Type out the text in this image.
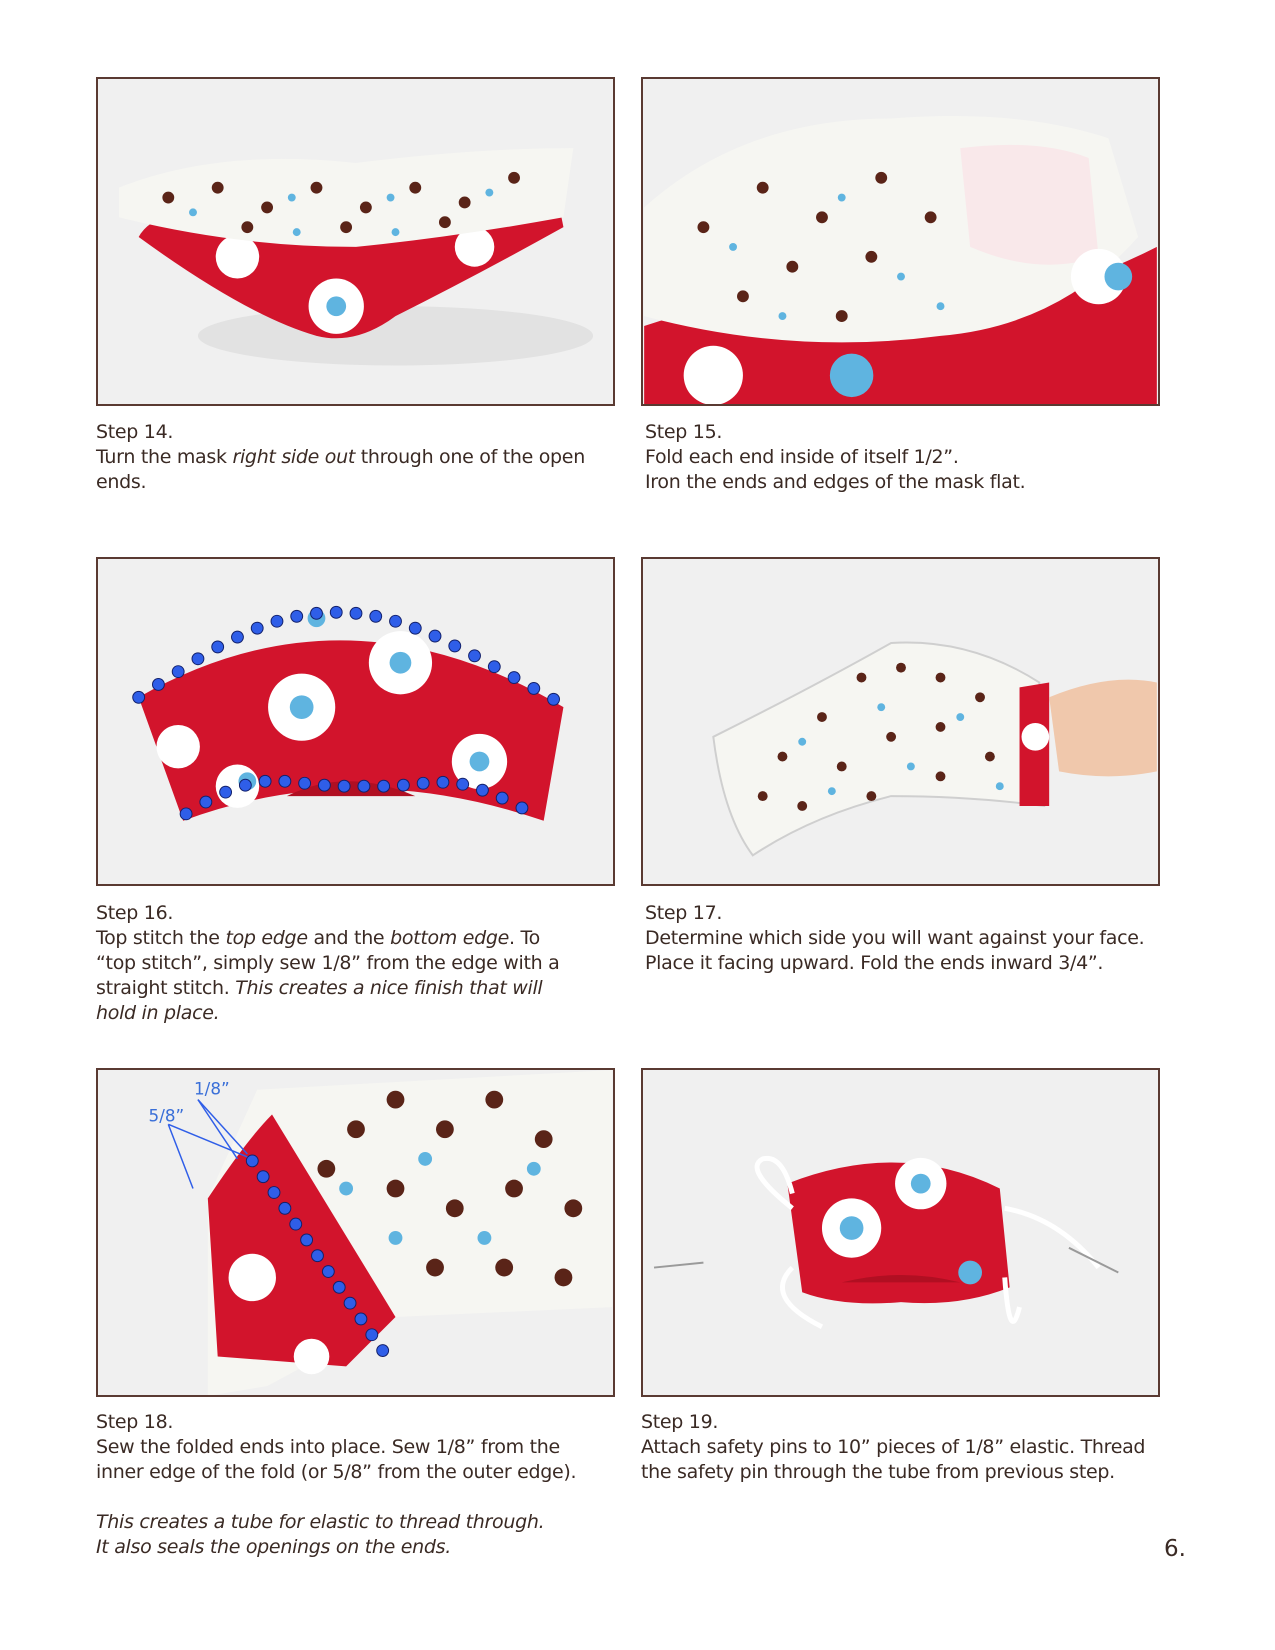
1/8”
5/8”

Step 14.

Turn the mask right side out through one of the open ends.

Step 15.

Fold each end inside of itself 1/2”.

Iron the ends and edges of the mask flat.

Step 16.

Top stitch the top edge and the bottom edge. To “top stitch”, simply sew 1/8” from the edge with a straight stitch. This creates a nice finish that will hold in place.

Step 17.

Determine which side you will want against your face.

Place it facing upward. Fold the ends inward 3/4”.

Step 18.

Sew the folded ends into place. Sew 1/8” from the inner edge of the fold (or 5/8” from the outer edge).

This creates a tube for elastic to thread through.

It also seals the openings on the ends.

Step 19.

Attach safety pins to 10” pieces of 1/8” elastic. Thread the safety pin through the tube from previous step.

6.
